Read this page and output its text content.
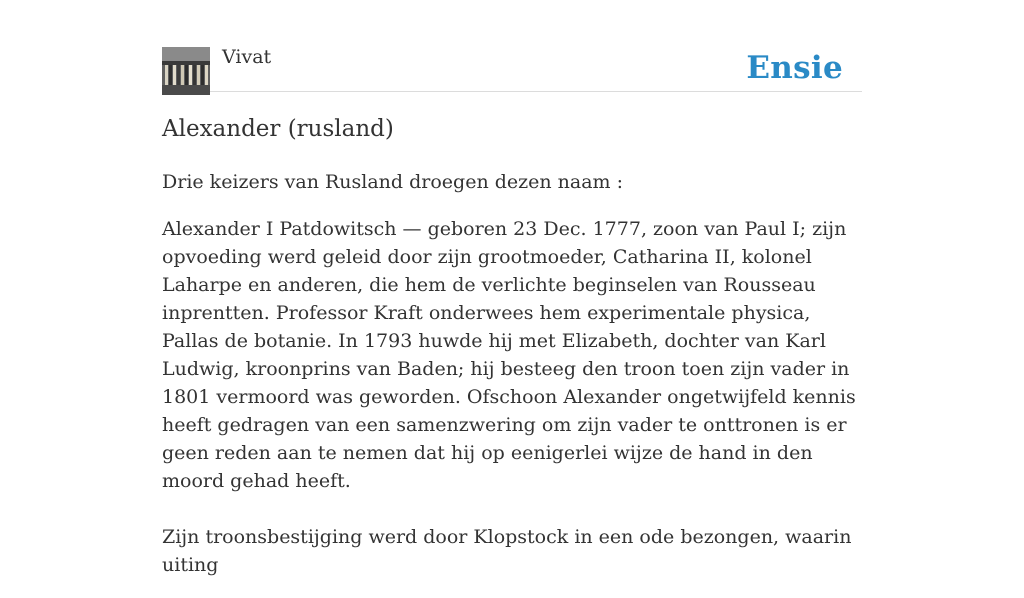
Vivat	Ensie
Alexander (rusland)

Drie keizers van Rusland droegen dezen naam :

Alexander I Patdowitsch — geboren 23 Dec. 1777, zoon van Paul I; zijn opvoeding werd geleid door zijn grootmoeder, Catharina II, kolonel Laharpe en anderen, die hem de verlichte beginselen van Rousseau inprentten. Professor Kraft onderwees hem experimentale physica, Pallas de botanie. In 1793 huwde hij met Elizabeth, dochter van Karl Ludwig, kroonprins van Baden; hij besteeg den troon toen zijn vader in 1801 vermoord was geworden. Ofschoon Alexander ongetwijfeld kennis heeft gedragen van een samenzwering om zijn vader te onttronen is er geen reden aan te nemen dat hij op eenigerlei wijze de hand in den moord gehad heeft.

Zijn troonsbestijging werd door Klopstock in een ode bezongen, waarin uiting
